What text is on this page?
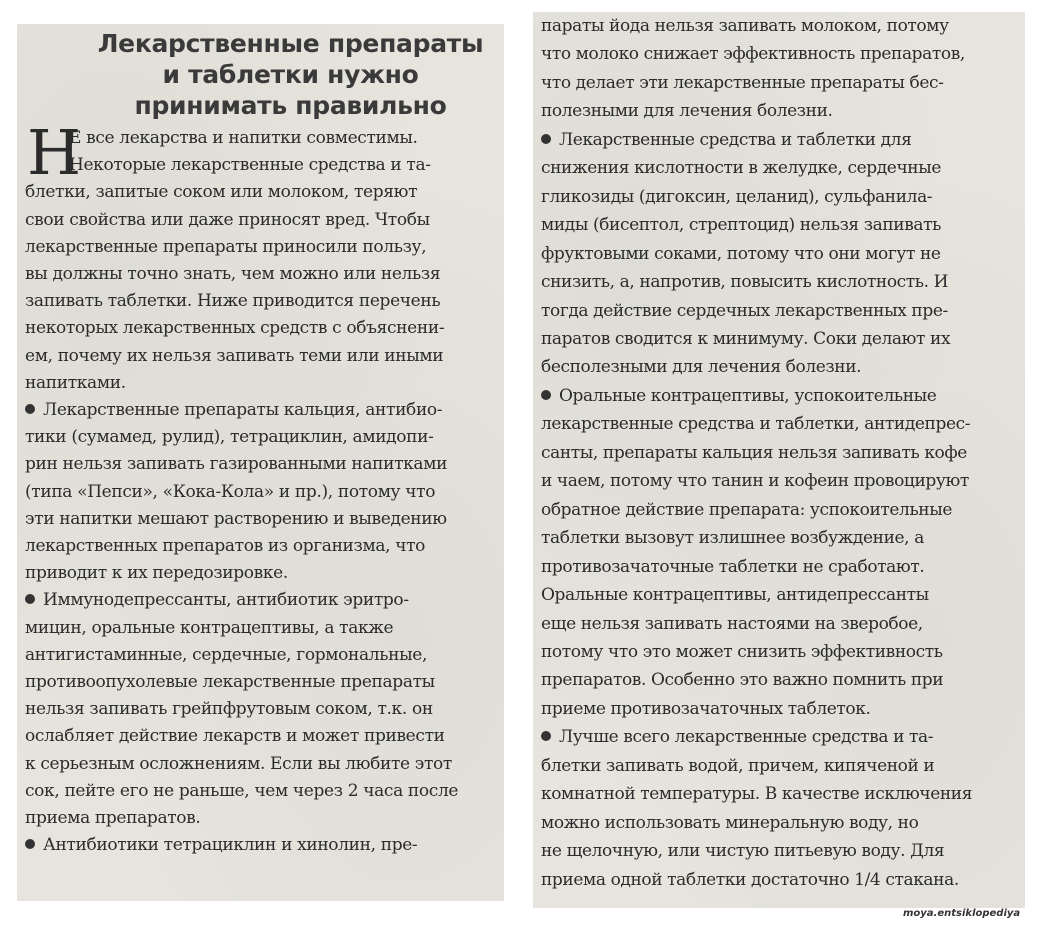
Лекарственные препараты
и таблетки нужно
принимать правильно
Н
Е все лекарства и напитки совместимы.
Некоторые лекарственные средства и та-
блетки, запитые соком или молоком, теряют
свои свойства или даже приносят вред. Чтобы
лекарственные препараты приносили пользу,
вы должны точно знать, чем можно или нельзя
запивать таблетки. Ниже приводится перечень
некоторых лекарственных средств с объяснени-
ем, почему их нельзя запивать теми или иными
напитками.
Лекарственные препараты кальция, антибио-
тики (сумамед, рулид), тетрациклин, амидопи-
рин нельзя запивать газированными напитками
(типа «Пепси», «Кока-Кола» и пр.), потому что
эти напитки мешают растворению и выведению
лекарственных препаратов из организма, что
приводит к их передозировке.
Иммунодепрессанты, антибиотик эритро-
мицин, оральные контрацептивы, а также
антигистаминные, сердечные, гормональные,
противоопухолевые лекарственные препараты
нельзя запивать грейпфрутовым соком, т.к. он
ослабляет действие лекарств и может привести
к серьезным осложнениям. Если вы любите этот
сок, пейте его не раньше, чем через 2 часа после
приема препаратов.
Антибиотики тетрациклин и хинолин, пре-
параты йода нельзя запивать молоком, потому
что молоко снижает эффективность препаратов,
что делает эти лекарственные препараты бес-
полезными для лечения болезни.
Лекарственные средства и таблетки для
снижения кислотности в желудке, сердечные
гликозиды (дигоксин, целанид), сульфанила-
миды (бисептол, стрептоцид) нельзя запивать
фруктовыми соками, потому что они могут не
снизить, а, напротив, повысить кислотность. И
тогда действие сердечных лекарственных пре-
паратов сводится к минимуму. Соки делают их
бесполезными для лечения болезни.
Оральные контрацептивы, успокоительные
лекарственные средства и таблетки, антидепрес-
санты, препараты кальция нельзя запивать кофе
и чаем, потому что танин и кофеин провоцируют
обратное действие препарата: успокоительные
таблетки вызовут излишнее возбуждение, а
противозачаточные таблетки не сработают.
Оральные контрацептивы, антидепрессанты
еще нельзя запивать настоями на зверобое,
потому что это может снизить эффективность
препаратов. Особенно это важно помнить при
приеме противозачаточных таблеток.
Лучше всего лекарственные средства и та-
блетки запивать водой, причем, кипяченой и
комнатной температуры. В качестве исключения
можно использовать минеральную воду, но
не щелочную, или чистую питьевую воду. Для
приема одной таблетки достаточно 1/4 стакана.
moya.entsiklopediya
